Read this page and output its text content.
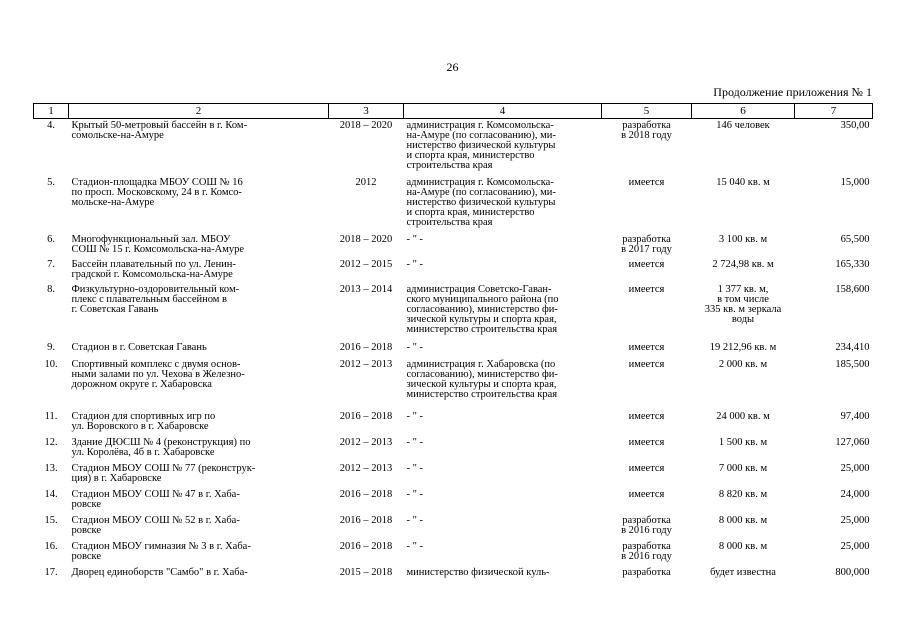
26
Продолжение приложения № 1
1	2	3	4	5	6	7
4.	Крытый 50-метровый бассейн в г. Ком-
сомольске-на-Амуре	2018 – 2020	администрация г. Комсомольска-
на-Амуре (по согласованию), ми-
нистерство физической культуры
и спорта края, министерство
строительства края	разработка
в 2018 году	146 человек	350,00
5.	Стадион-площадка МБОУ СОШ № 16
по просп. Московскому, 24 в г. Комсо-
мольске-на-Амуре	2012	администрация г. Комсомольска-
на-Амуре (по согласованию), ми-
нистерство физической культуры
и спорта края, министерство
строительства края	имеется	15 040 кв. м	15,000
6.	Многофункциональный зал. МБОУ
СОШ № 15 г. Комсомольска-на-Амуре	2018 – 2020	- " -	разработка
в 2017 году	3 100 кв. м	65,500
7.	Бассейн плавательный по ул. Ленин-
градской г. Комсомольска-на-Амуре	2012 – 2015	- " -	имеется	2 724,98 кв. м	165,330
8.	Физкультурно-оздоровительный ком-
плекс с плавательным бассейном в
г. Советская Гавань	2013 – 2014	администрация Советско-Гаван-
ского муниципального района (по
согласованию), министерство фи-
зической культуры и спорта края,
министерство строительства края	имеется	1 377 кв. м,
в том числе
335 кв. м зеркала
воды	158,600
9.	Стадион в г. Советская Гавань	2016 – 2018	- " -	имеется	19 212,96 кв. м	234,410
10.	Спортивный комплекс с двумя основ-
ными залами по ул. Чехова в Железно-
дорожном округе г. Хабаровска	2012 – 2013	администрация г. Хабаровска (по
согласованию), министерство фи-
зической культуры и спорта края,
министерство строительства края	имеется	2 000 кв. м	185,500
11.	Стадион для спортивных игр по
ул. Воровского в г. Хабаровске	2016 – 2018	- " -	имеется	24 000 кв. м	97,400
12.	Здание ДЮСШ № 4 (реконструкция) по
ул. Королёва, 4б в г. Хабаровске	2012 – 2013	- " -	имеется	1 500 кв. м	127,060
13.	Стадион МБОУ СОШ № 77 (реконструк-
ция) в г. Хабаровске	2012 – 2013	- " -	имеется	7 000 кв. м	25,000
14.	Стадион МБОУ СОШ № 47 в г. Хаба-
ровске	2016 – 2018	- " -	имеется	8 820 кв. м	24,000
15.	Стадион МБОУ СОШ № 52 в г. Хаба-
ровске	2016 – 2018	- " -	разработка
в 2016 году	8 000 кв. м	25,000
16.	Стадион МБОУ гимназия № 3 в г. Хаба-
ровске	2016 – 2018	- " -	разработка
в 2016 году	8 000 кв. м	25,000
17.	Дворец единоборств "Самбо" в г. Хаба-	2015 – 2018	министерство физической куль-	разработка	будет известна	800,000
